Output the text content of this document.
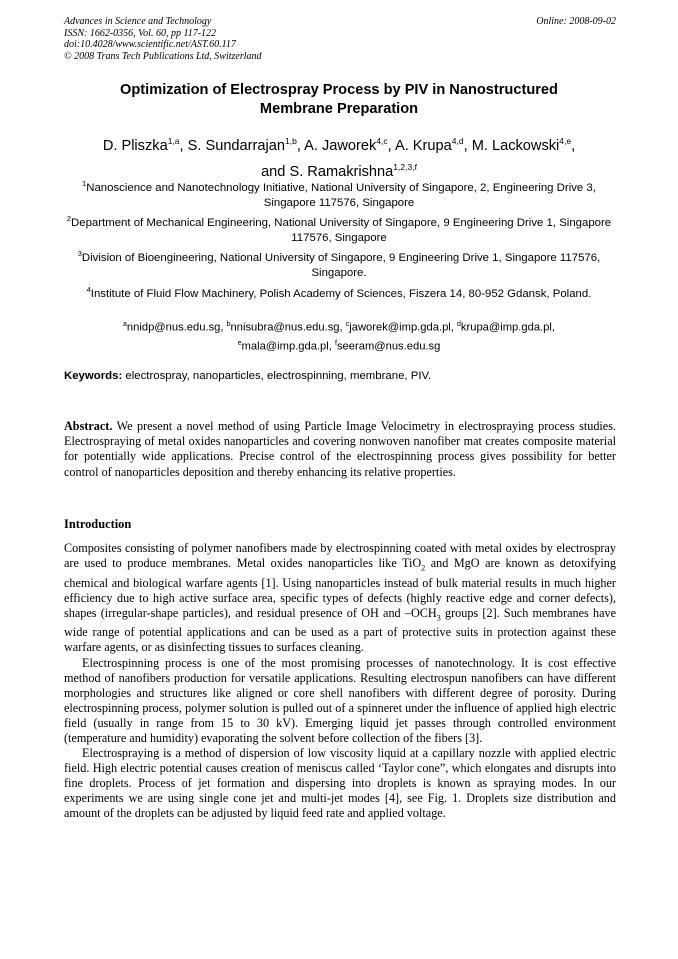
Advances in Science and Technology
ISSN: 1662-0356, Vol. 60, pp 117-122
doi:10.4028/www.scientific.net/AST.60.117
© 2008 Trans Tech Publications Ltd, Switzerland
Online: 2008-09-02
Optimization of Electrospray Process by PIV in Nanostructured
Membrane Preparation
D. Pliszka$^{1,a}$, S. Sundarrajan$^{1,b}$, A. Jaworek$^{4,c}$, A. Krupa$^{4,d}$, M. Lackowski$^{4,e}$,
and S. Ramakrishna$^{1,2,3,f}$
$^1$Nanoscience and Nanotechnology Initiative, National University of Singapore, 2, Engineering Drive 3, Singapore 117576, Singapore
$^2$Department of Mechanical Engineering, National University of Singapore, 9 Engineering Drive 1, Singapore 117576, Singapore
$^3$Division of Bioengineering, National University of Singapore, 9 Engineering Drive 1, Singapore 117576, Singapore.
$^4$Institute of Fluid Flow Machinery, Polish Academy of Sciences, Fiszera 14, 80-952 Gdansk, Poland.
$^a$nnidp@nus.edu.sg, $^b$nnisubra@nus.edu.sg, $^c$jaworek@imp.gda.pl, $^d$krupa@imp.gda.pl,
$^e$mala@imp.gda.pl, $^f$seeram@nus.edu.sg
Keywords: electrospray, nanoparticles, electrospinning, membrane, PIV.
Abstract. We present a novel method of using Particle Image Velocimetry in electrospraying process studies. Electrospraying of metal oxides nanoparticles and covering nonwoven nanofiber mat creates composite material for potentially wide applications. Precise control of the electrospinning process gives possibility for better control of nanoparticles deposition and thereby enhancing its relative properties.
Introduction

Composites consisting of polymer nanofibers made by electrospinning coated with metal oxides by electrospray are used to produce membranes. Metal oxides nanoparticles like TiO$_2$ and MgO are known as detoxifying chemical and biological warfare agents [1]. Using nanoparticles instead of bulk material results in much higher efficiency due to high active surface area, specific types of defects (highly reactive edge and corner defects), shapes (irregular-shape particles), and residual presence of OH and $-OCH_3$ groups [2]. Such membranes have wide range of potential applications and can be used as a part of protective suits in protection against these warfare agents, or as disinfecting tissues to surfaces cleaning.

Electrospinning process is one of the most promising processes of nanotechnology. It is cost effective method of nanofibers production for versatile applications. Resulting electrospun nanofibers can have different morphologies and structures like aligned or core shell nanofibers with different degree of porosity. During electrospinning process, polymer solution is pulled out of a spinneret under the influence of applied high electric field (usually in range from 15 to 30 kV). Emerging liquid jet passes through controlled environment (temperature and humidity) evaporating the solvent before collection of the fibers [3].

Electrospraying is a method of dispersion of low viscosity liquid at a capillary nozzle with applied electric field. High electric potential causes creation of meniscus called ‘Taylor cone”, which elongates and disrupts into fine droplets. Process of jet formation and dispersing into droplets is known as spraying modes. In our experiments we are using single cone jet and multi-jet modes [4], see Fig. 1. Droplets size distribution and amount of the droplets can be adjusted by liquid feed rate and applied voltage.
